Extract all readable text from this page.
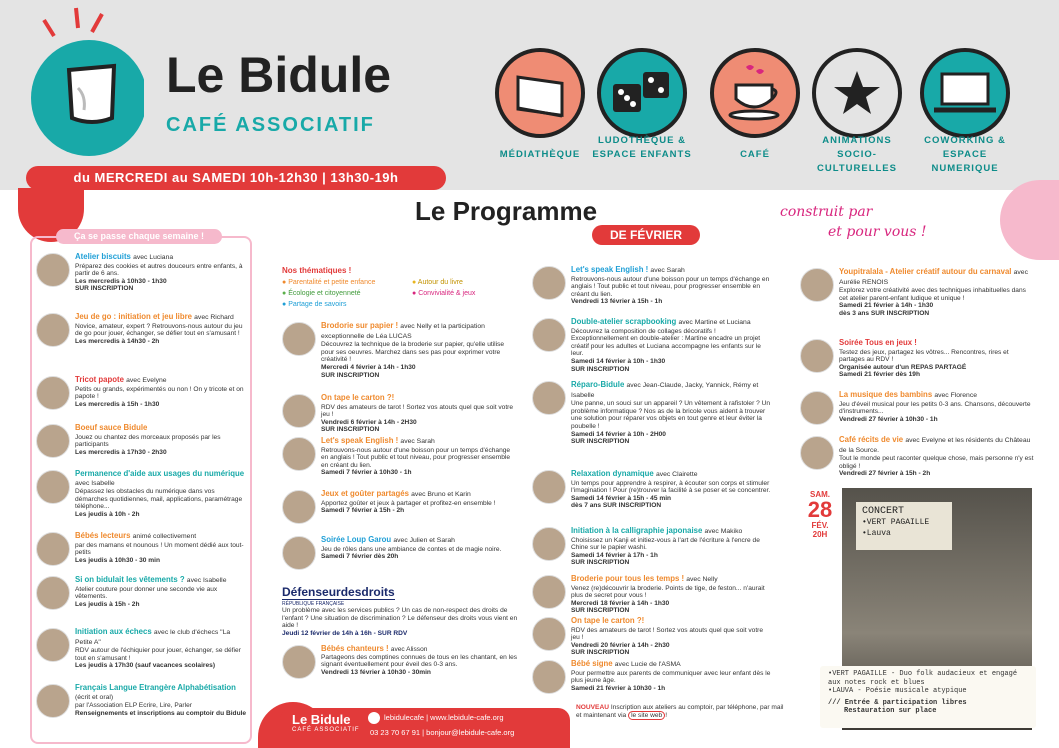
Le Bidule
CAFÉ ASSOCIATIF
du MERCREDI au SAMEDI 10h-12h30 | 13h30-19h
MÉDIATHÈQUE
LUDOTHÈQUE & ESPACE ENFANTS	CAFÉ
ANIMATIONS SOCIO-CULTURELLES
COWORKING & ESPACE NUMERIQUE
Le Programme
DE FÉVRIER
construit par
et pour vous !
Ça se passe chaque semaine !
Atelier biscuits avec Luciana
Préparez des cookies et autres douceurs entre enfants, à partir de 6 ans.
Les mercredis à 10h30 - 1h30
SUR INSCRIPTION
Jeu de go : initiation et jeu libre avec Richard
Novice, amateur, expert ? Retrouvons-nous autour du jeu de go pour jouer, échanger, se défier tout en s'amusant !
Les mercredis à 14h30 - 2h
Tricot papote avec Evelyne
Petits ou grands, expérimentés ou non ! On y tricote et on papote !
Les mercredis à 15h - 1h30
Boeuf sauce Bidule
Jouez ou chantez des morceaux proposés par les participants
Les mercredis à 17h30 - 2h30
Permanence d'aide aux usages du numérique avec Isabelle
Dépassez les obstacles du numérique dans vos démarches quotidiennes, mail, applications, paramétrage téléphone...
Les jeudis à 10h - 2h
Bébés lecteurs animé collectivement
par des mamans et nounous ! Un moment dédié aux tout-petits
Les jeudis à 10h30 - 30 min
Si on bidulait les vêtements ? avec Isabelle
Atelier couture pour donner une seconde vie aux vêtements.
Les jeudis à 15h - 2h
Initiation aux échecs avec le club d'échecs "La Petite A"
RDV autour de l'échiquier pour jouer, échanger, se défier tout en s'amusant !
Les jeudis à 17h30 (sauf vacances scolaires)
Français Langue Etrangère Alphabétisation (écrit et oral)
par l'Association ELP Ecrire, Lire, Parler
Renseignements et inscriptions au comptoir du Bidule
Nos thématiques !
● Parentalité et petite enfance	● Autour du livre
● Écologie et citoyenneté	● Convivialité & jeux
● Partage de savoirs
Brodorie sur papier ! avec Nelly et la participation exceptionnelle de Léa LUCAS
Découvrez la technique de la broderie sur papier, qu'elle utilise pour ses oeuvres. Marchez dans ses pas pour exprimer votre créativité !
Mercredi 4 février à 14h - 1h30
SUR INSCRIPTION
On tape le carton ?!
RDV des amateurs de tarot ! Sortez vos atouts quel que soit votre jeu !
Vendredi 6 février à 14h - 2H30
SUR INSCRIPTION
Let's speak English ! avec Sarah
Retrouvons-nous autour d'une boisson pour un temps d'échange en anglais ! Tout public et tout niveau, pour progresser ensemble en créant du lien.
Samedi 7 février à 10h30 - 1h
Jeux et goûter partagés avec Bruno et Karin
Apportez goûter et jeux à partager et profitez-en ensemble !
Samedi 7 février à 15h - 2h
Soirée Loup Garou avec Julien et Sarah
Jeu de rôles dans une ambiance de contes et de magie noire.
Samedi 7 février dès 20h
Défenseurdesdroits
RÉPUBLIQUE FRANÇAISE
Un problème avec les services publics ? Un cas de non-respect des droits de l'enfant ? Une situation de discrimination ? Le défenseur des droits vous vient en aide !
Jeudi 12 février de 14h à 16h - SUR RDV
Bébés chanteurs ! avec Alisson
Partageons des comptines connues de tous en les chantant, en les signant éventuellement pour éveil des 0-3 ans.
Vendredi 13 février à 10h30 - 30min
Let's speak English ! avec Sarah
Retrouvons-nous autour d'une boisson pour un temps d'échange en anglais ! Tout public et tout niveau, pour progresser ensemble en créant du lien.
Vendredi 13 février à 15h - 1h
Double-atelier scrapbooking avec Martine et Luciana
Découvrez la composition de collages décoratifs ! Exceptionnellement en double-atelier : Martine encadre un projet créatif pour les adultes et Luciana accompagne les enfants sur le leur.
Samedi 14 février à 10h - 1h30
SUR INSCRIPTION
Réparo-Bidule avec Jean-Claude, Jacky, Yannick, Rémy et Isabelle
Une panne, un souci sur un appareil ? Un vêtement à rafistoler ? Un problème informatique ? Nos as de la bricole vous aident à trouver une solution pour réparer vos objets en tout genre et leur éviter la poubelle !
Samedi 14 février à 10h - 2H00
SUR INSCRIPTION
Relaxation dynamique avec Clairette
Un temps pour apprendre à respirer, à écouter son corps et stimuler l'imagination ! Pour (re)trouver la facilité à se poser et se concentrer.
Samedi 14 février à 15h - 45 min
dès 7 ans SUR INSCRIPTION
Initiation à la calligraphie japonaise avec Makiko
Choisissez un Kanji et initiez-vous à l'art de l'écriture à l'encre de Chine sur le papier washi.
Samedi 14 février à 17h - 1h
SUR INSCRIPTION
Broderie pour tous les temps ! avec Nelly
Venez (re)découvrir la broderie. Points de tige, de feston... n'aurait plus de secret pour vous !
Mercredi 18 février à 14h - 1h30
SUR INSCRIPTION
On tape le carton ?!
RDV des amateurs de tarot ! Sortez vos atouts quel que soit votre jeu !
Vendredi 20 février à 14h - 2h30
SUR INSCRIPTION
Bébé signe avec Lucie de l'ASMA
Pour permettre aux parents de communiquer avec leur enfant dès le plus jeune âge.
Samedi 21 février à 10h30 - 1h
NOUVEAU Inscription aux ateliers au comptoir, par téléphone, par mail et maintenant via le site web !
Youpitralala - Atelier créatif autour du carnaval avec Aurélie RENOIS
Explorez votre créativité avec des techniques inhabituelles dans cet atelier parent-enfant ludique et unique !
Samedi 21 février à 14h - 1h30
dès 3 ans SUR INSCRIPTION
Soirée Tous en jeux !
Testez des jeux, partagez les vôtres... Rencontres, rires et partages au RDV !
Organisée autour d'un REPAS PARTAGÉ
Samedi 21 février dès 19h
La musique des bambins avec Florence
Jeu d'éveil musical pour les petits 0-3 ans. Chansons, découverte d'instruments...
Vendredi 27 février à 10h30 - 1h
Café récits de vie avec Evelyne et les résidents du Château de la Source.
Tout le monde peut raconter quelque chose, mais personne n'y est obligé !
Vendredi 27 février à 15h - 2h
CONCERT
•VERT PAGAILLE
•Lauva
SAM.
28
FÉV.
20H
•VERT PAGAILLE - Duo folk audacieux et engagé aux notes rock et blues
•LAUVA - Poésie musicale atypique
/// Entrée & participation libres
Restauration sur place
Le Bidule
CAFÉ ASSOCIATIF
lebidulecafe | www.lebidule-cafe.org
03 23 70 67 91 | bonjour@lebidule-cafe.org
